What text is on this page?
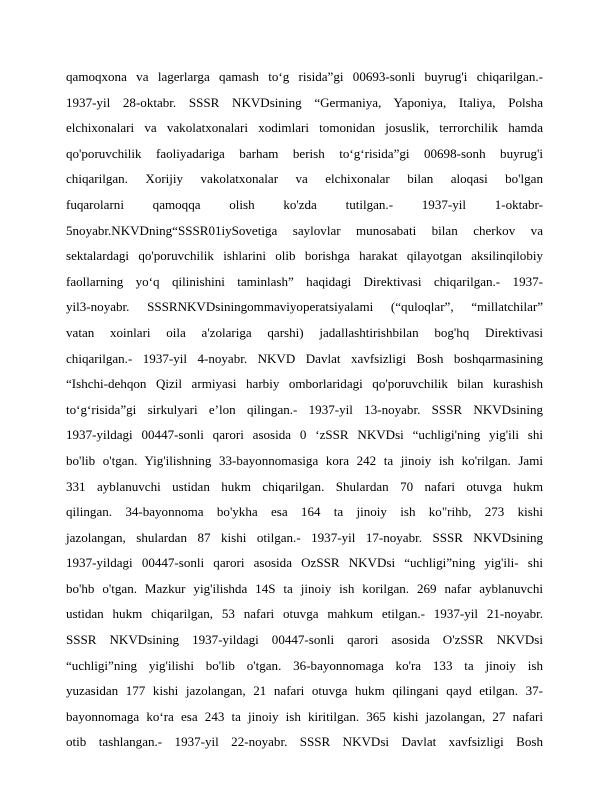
qamoqxona va lagerlarga qamash to‘g risida”gi 00693-sonli buyrug'i chiqarilgan.-
1937-yil 28-oktabr. SSSR NKVDsining “Germaniya, Yaponiya, Italiya, Polsha
elchixonalari va vakolatxonalari xodimlari tomonidan josuslik, terrorchilik hamda
qo'poruvchilik faoliyadariga barham berish to‘g‘risida”gi 00698-sonh buyrug'i
chiqarilgan. Xorijiy vakolatxonalar va elchixonalar bilan aloqasi bo'lgan
fuqarolarni qamoqqa olish ko'zda tutilgan.- 1937-yil 1-oktabr-
5noyabr.NKVDning“SSSR01iySovetiga saylovlar munosabati bilan cherkov va
sektalardagi qo'poruvchilik ishlarini olib borishga harakat qilayotgan aksilinqilobiy
faollarning yo‘q qilinishini taminlash” haqidagi Direktivasi chiqarilgan.- 1937-
yil3-noyabr. SSSRNKVDsiningommaviyoperatsiyalami (“quloqlar”, “millatchilar”
vatan xoinlari oila a'zolariga qarshi) jadallashtirishbilan bog'hq Direktivasi
chiqarilgan.- 1937-yil 4-noyabr. NKVD Davlat xavfsizligi Bosh boshqarmasining
“Ishchi-dehqon Qizil armiyasi harbiy omborlaridagi qo'poruvchilik bilan kurashish
to‘g‘risida”gi sirkulyari e’lon qilingan.- 1937-yil 13-noyabr. SSSR NKVDsining
1937-yildagi 00447-sonli qarori asosida 0 ‘zSSR NKVDsi “uchligi'ning yig'ili shi
bo'lib o'tgan. Yig'ilishning 33-bayonnomasiga kora 242 ta jinoiy ish ko'rilgan. Jami
331 ayblanuvchi ustidan hukm chiqarilgan. Shulardan 70 nafari otuvga hukm
qilingan. 34-bayonnoma bo'ykha esa 164 ta jinoiy ish ko"rihb, 273 kishi
jazolangan, shulardan 87 kishi otilgan.- 1937-yil 17-noyabr. SSSR NKVDsining
1937-yildagi 00447-sonli qarori asosida OzSSR NKVDsi “uchligi”ning yig'ili- shi
bo'hb o'tgan. Mazkur yig'ilishda 14S ta jinoiy ish korilgan. 269 nafar ayblanuvchi
ustidan hukm chiqarilgan, 53 nafari otuvga mahkum etilgan.- 1937-yil 21-noyabr.
SSSR NKVDsining 1937-yildagi 00447-sonli qarori asosida O'zSSR NKVDsi
“uchligi”ning yig'ilishi bo'lib o'tgan. 36-bayonnomaga ko'ra 133 ta jinoiy ish
yuzasidan 177 kishi jazolangan, 21 nafari otuvga hukm qilingani qayd etilgan. 37-
bayonnomaga ko‘ra esa 243 ta jinoiy ish kiritilgan. 365 kishi jazolangan, 27 nafari
otib tashlangan.- 1937-yil 22-noyabr. SSSR NKVDsi Davlat xavfsizligi Bosh
